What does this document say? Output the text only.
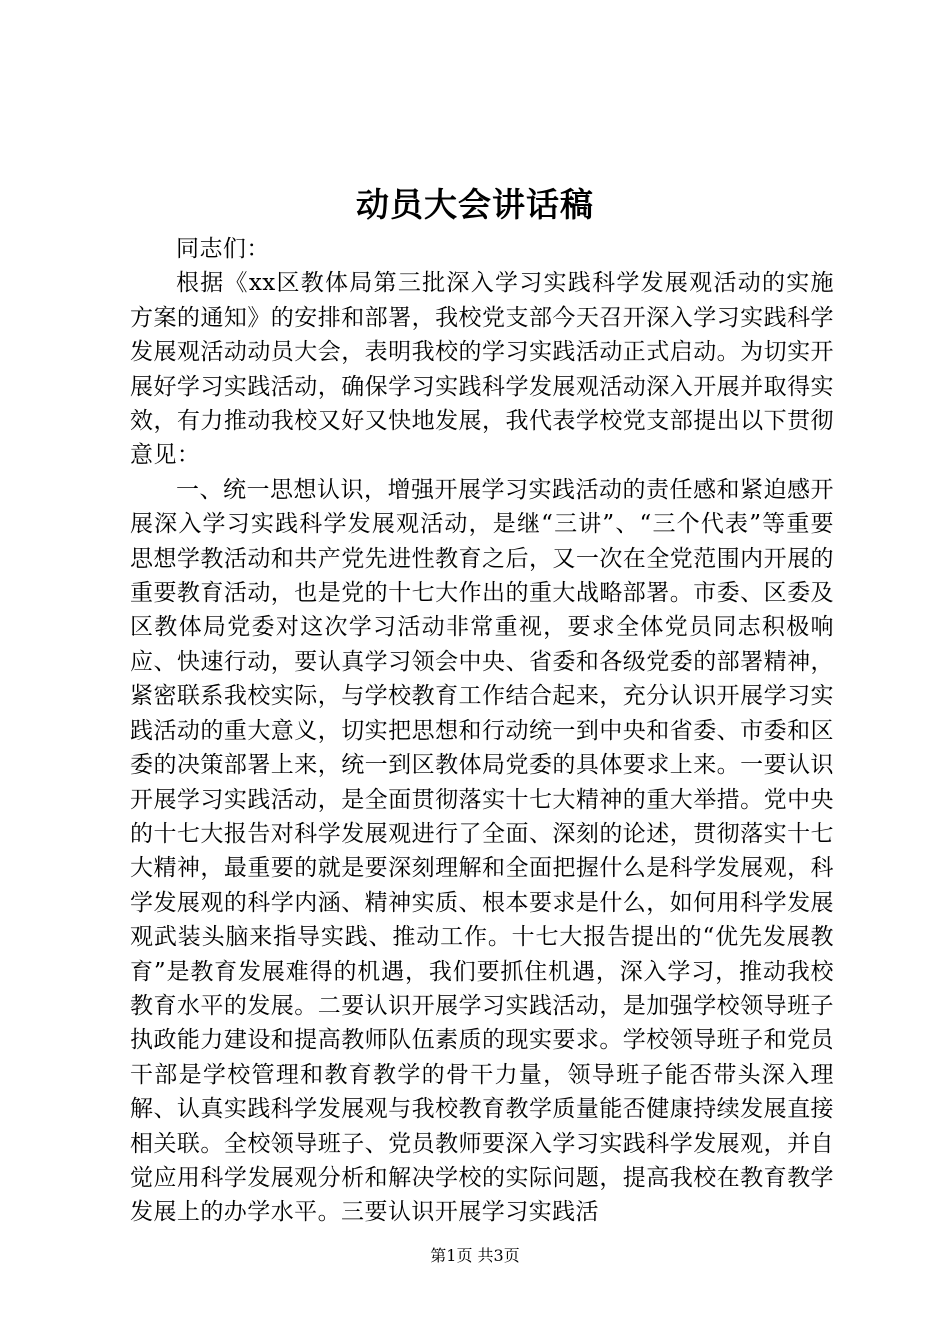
动员大会讲话稿

同志们：

根据《xx区教体局第三批深入学习实践科学发展观活动的实施方案的通知》的安排和部署，我校党支部今天召开深入学习实践科学发展观活动动员大会，表明我校的学习实践活动正式启动。为切实开展好学习实践活动，确保学习实践科学发展观活动深入开展并取得实效，有力推动我校又好又快地发展，我代表学校党支部提出以下贯彻意见：

一、统一思想认识，增强开展学习实践活动的责任感和紧迫感开展深入学习实践科学发展观活动，是继“三讲”、“三个代表”等重要思想学教活动和共产党先进性教育之后，又一次在全党范围内开展的重要教育活动，也是党的十七大作出的重大战略部署。市委、区委及区教体局党委对这次学习活动非常重视，要求全体党员同志积极响应、快速行动，要认真学习领会中央、省委和各级党委的部署精神，紧密联系我校实际，与学校教育工作结合起来，充分认识开展学习实践活动的重大意义，切实把思想和行动统一到中央和省委、市委和区委的决策部署上来，统一到区教体局党委的具体要求上来。一要认识开展学习实践活动，是全面贯彻落实十七大精神的重大举措。党中央的十七大报告对科学发展观进行了全面、深刻的论述，贯彻落实十七大精神，最重要的就是要深刻理解和全面把握什么是科学发展观，科学发展观的科学内涵、精神实质、根本要求是什么，如何用科学发展观武装头脑来指导实践、推动工作。十七大报告提出的“优先发展教育”是教育发展难得的机遇，我们要抓住机遇，深入学习，推动我校教育水平的发展。二要认识开展学习实践活动，是加强学校领导班子执政能力建设和提高教师队伍素质的现实要求。学校领导班子和党员干部是学校管理和教育教学的骨干力量，领导班子能否带头深入理解、认真实践科学发展观与我校教育教学质量能否健康持续发展直接相关联。全校领导班子、党员教师要深入学习实践科学发展观，并自觉应用科学发展观分析和解决学校的实际问题，提高我校在教育教学发展上的办学水平。三要认识开展学习实践活

第1页 共3页
